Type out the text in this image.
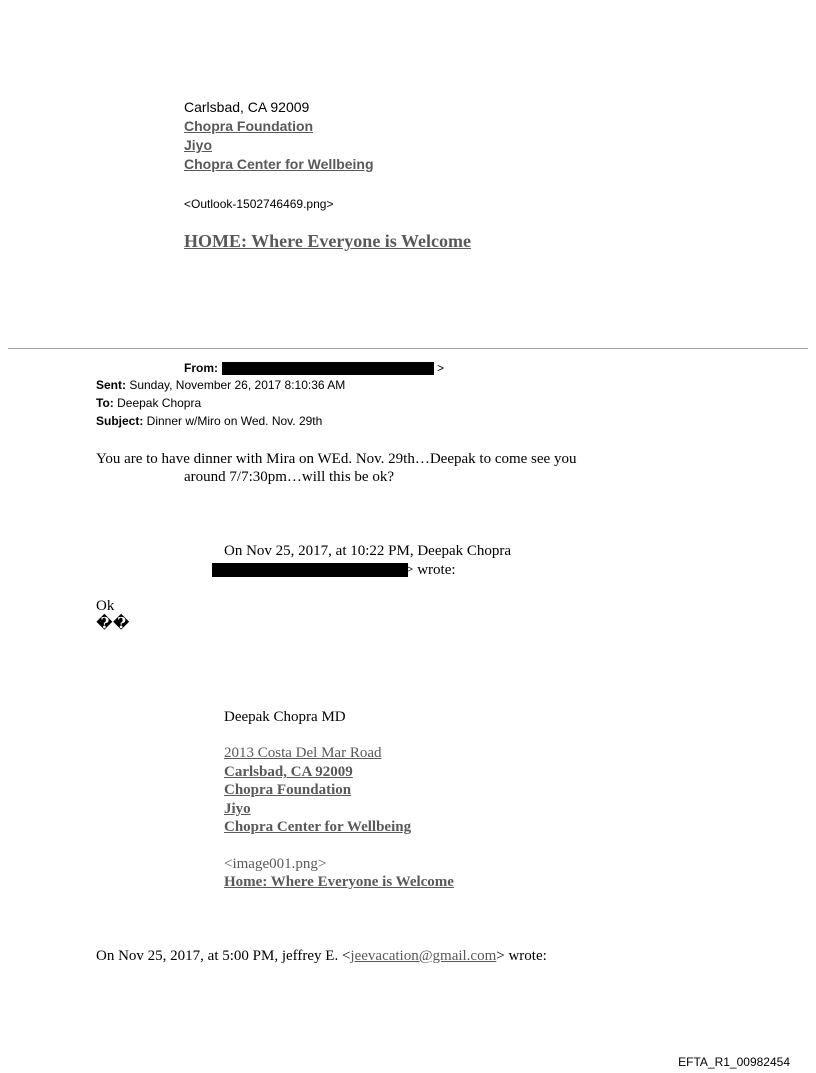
Carlsbad, CA 92009
Chopra Foundation
Jiyo
Chopra Center for Wellbeing
<Outlook-1502746469.png>
HOME: Where Everyone is Welcome
From:	>
Sent: Sunday, November 26, 2017 8:10:36 AM
To: Deepak Chopra
Subject: Dinner w/Miro on Wed. Nov. 29th
You are to have dinner with Mira on WEd. Nov. 29th…Deepak to come see you
around 7/7:30pm…will this be ok?
On Nov 25, 2017, at 10:22 PM, Deepak Chopra
> wrote:
Ok
��
Deepak Chopra MD
2013 Costa Del Mar Road
Carlsbad, CA 92009
Chopra Foundation
Jiyo
Chopra Center for Wellbeing
<image001.png>
Home: Where Everyone is Welcome
On Nov 25, 2017, at 5:00 PM, jeffrey E. <jeevacation@gmail.com> wrote:
EFTA_R1_00982454
